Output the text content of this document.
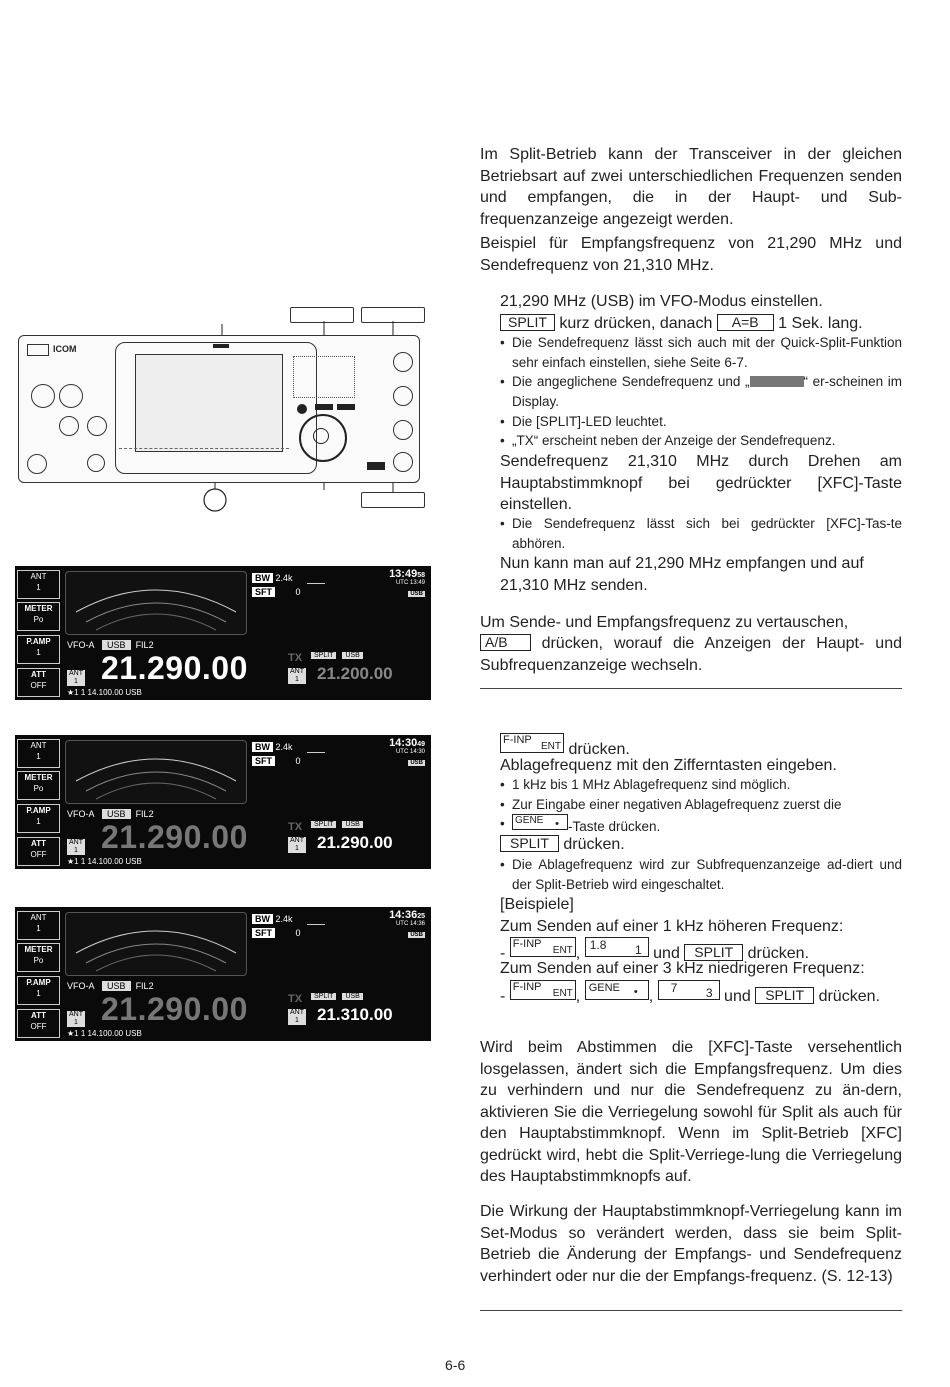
Im Split-Betrieb kann der Transceiver in der gleichen Betriebsart auf zwei unterschiedlichen Frequenzen senden und empfangen, die in der Haupt- und Sub-frequenzanzeige angezeigt werden.
Beispiel für Empfangsfrequenz von 21,290 MHz und Sendefrequenz von 21,310 MHz.
21,290 MHz (USB) im VFO-Modus einstellen.
SPLIT kurz drücken, danach A=B 1 Sek. lang.
• Die Sendefrequenz lässt sich auch mit der Quick-Split-Funktion sehr einfach einstellen, siehe Seite 6-7.
• Die angeglichene Sendefrequenz und „	“ er-scheinen im Display.
• Die [SPLIT]-LED leuchtet.
• „TX“ erscheint neben der Anzeige der Sendefrequenz.
Sendefrequenz 21,310 MHz durch Drehen am Hauptabstimmknopf bei gedrückter [XFC]-Taste einstellen.
• Die Sendefrequenz lässt sich bei gedrückter [XFC]-Tas-te abhören.
Nun kann man auf 21,290 MHz empfangen und auf 21,310 MHz senden.
Um Sende- und Empfangsfrequenz zu vertauschen,
A/B drücken, worauf die Anzeigen der Haupt- und Subfrequenzanzeige wechseln.
F-INP
ENT drücken.
Ablagefrequenz mit den Zifferntasten eingeben.
• 1 kHz bis 1 MHz Ablagefrequenz sind möglich.
• Zur Eingabe einer negativen Ablagefrequenz zuerst die
• GENE • -Taste drücken.
SPLIT drücken.
• Die Ablagefrequenz wird zur Subfrequenzanzeige ad-diert und der Split-Betrieb wird eingeschaltet.
[Beispiele]
Zum Senden auf einer 1 kHz höheren Frequenz:
-
F-INP
ENT , 1.8 1 und SPLIT drücken.
Zum Senden auf einer 3 kHz niedrigeren Frequenz:
-
F-INP
ENT , GENE • , 7 3 und SPLIT drücken.
Wird beim Abstimmen die [XFC]-Taste versehentlich losgelassen, ändert sich die Empfangsfrequenz. Um dies zu verhindern und nur die Sendefrequenz zu än-dern, aktivieren Sie die Verriegelung sowohl für Split als auch für den Hauptabstimmknopf. Wenn im Split-Betrieb [XFC] gedrückt wird, hebt die Split-Verriege-lung die Verriegelung des Hauptabstimmknopfs auf.
Die Wirkung der Hauptabstimmknopf-Verriegelung kann im Set-Modus so verändert werden, dass sie beim Split-Betrieb die Änderung der Empfangs- und Sendefrequenz verhindert oder nur die der Empfangs-frequenz. (S. 12-13)
6-6
ICOM
ANT
1
METER
Po
P.AMP
1
ATT
OFF
BW 2.4k
SFT	0
13:4958
UTC 13:49
USB
VFO-A USB FIL2
ANT
1 21.290.00
★1 1 14.100.00 USB
TX	SPLIT USB
ANT
1 21.200.00
ANT
1
METER
Po
P.AMP
1
ATT
OFF
BW 2.4k
SFT	0
14:3049
UTC 14:30
USB
VFO-A USB FIL2
ANT
1 21.290.00
★1 1 14.100.00 USB
TX	SPLIT USB
ANT
1 21.290.00
ANT
1
METER
Po
P.AMP
1
ATT
OFF
BW 2.4k
SFT	0
14:3625
UTC 14:36
USB
VFO-A USB FIL2
ANT
1 21.290.00
★1 1 14.100.00 USB
TX	SPLIT USB
ANT
1 21.310.00
